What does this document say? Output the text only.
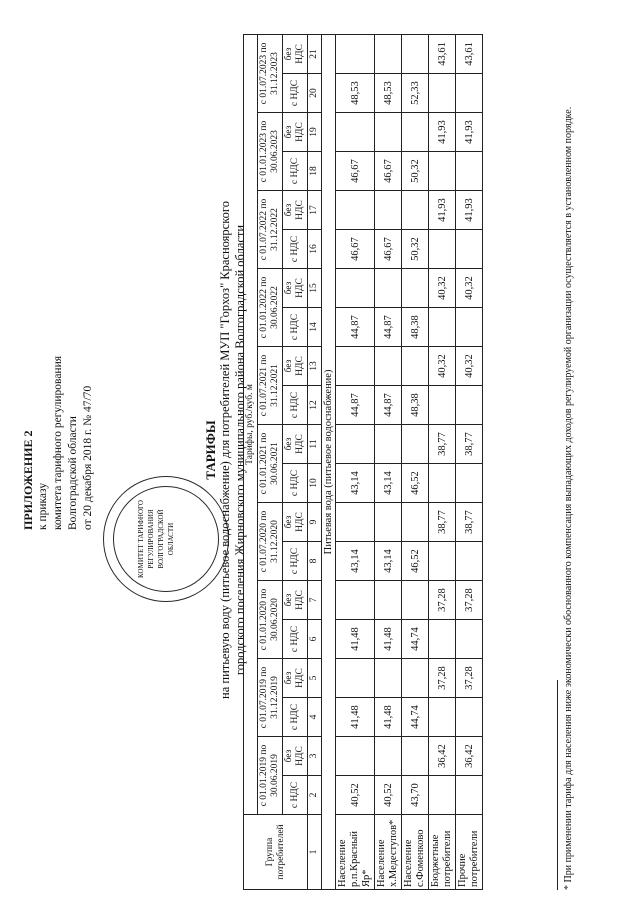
ПРИЛОЖЕНИЕ 2 к приказу комитета тарифного регулирования Волгоградской области от 20 декабря 2018 г. № 47/70
КОМИТЕТ ТАРИФНОГО РЕГУЛИРОВАНИЯ ВОЛГОГРАДСКОЙ ОБЛАСТИ
ТАРИФЫ на питьевую воду (питьевое водоснабжение) для потребителей МУП "Горхоз" Красноярского городского поселения Жирновского муниципального района Волгоградской области
Группа потребителей	Тарифы, руб./куб. м																			
	с 01.01.2019 по 30.06.2019		с 01.07.2019 по 31.12.2019		с 01.01.2020 по 30.06.2020		с 01.07.2020 по 31.12.2020		с 01.01.2021 по 30.06.2021		с 01.07.2021 по 31.12.2021		с 01.01.2022 по 30.06.2022		с 01.07.2022 по 31.12.2022		с 01.01.2023 по 30.06.2023		с 01.07.2023 по 31.12.2023	
	с НДС	без НДС	с НДС	без НДС	с НДС	без НДС	с НДС	без НДС	с НДС	без НДС	с НДС	без НДС	с НДС	без НДС	с НДС	без НДС	с НДС	без НДС	с НДС	без НДС
1	2	3	4	5	6	7	8	9	10	11	12	13	14	15	16	17	18	19	20	21
Питьевая вода (питьевое водоснабжение)																				
Население р.п.Красный Яр*	40,52		41,48		41,48		43,14		43,14		44,87		44,87		46,67		46,67		48,53	
Население х.Медеступов*	40,52		41,48		41,48		43,14		43,14		44,87		44,87		46,67		46,67		48,53	
Население с.Фоменково	43,70		44,74		44,74		46,52		46,52		48,38		48,38		50,32		50,32		52,33	
Бюджетные потребители		36,42		37,28		37,28		38,77		38,77		40,32		40,32		41,93		41,93		43,61
Прочие потребители		36,42		37,28		37,28		38,77		38,77		40,32		40,32		41,93		41,93		43,61
* При применении тарифа для населения ниже экономически обоснованного компенсация выпадающих доходов регулируемой организации осуществляется в установленном порядке.
